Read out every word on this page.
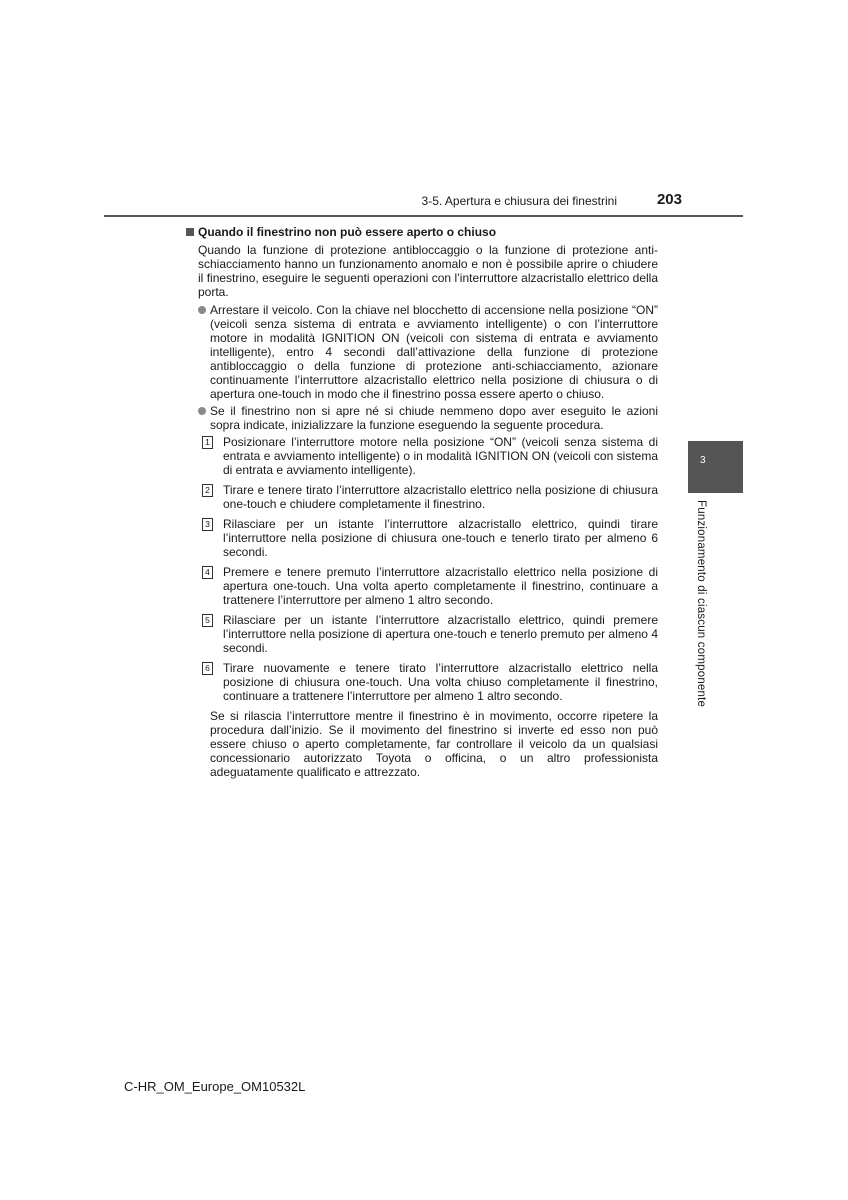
3-5. Apertura e chiusura dei finestrini	203
3
Funzionamento di ciascun componente
Quando il finestrino non può essere aperto o chiuso
Quando la funzione di protezione antibloccaggio o la funzione di protezione anti-schiacciamento hanno un funzionamento anomalo e non è possibile aprire o chiudere il finestrino, eseguire le seguenti operazioni con l’interruttore alzacristallo elettrico della porta.
Arrestare il veicolo. Con la chiave nel blocchetto di accensione nella posizione “ON” (veicoli senza sistema di entrata e avviamento intelligente) o con l’interruttore motore in modalità IGNITION ON (veicoli con sistema di entrata e avviamento intelligente), entro 4 secondi dall’attivazione della funzione di protezione antibloccaggio o della funzione di protezione anti-schiacciamento, azionare continuamente l’interruttore alzacristallo elettrico nella posizione di chiusura o di apertura one-touch in modo che il finestrino possa essere aperto o chiuso.
Se il finestrino non si apre né si chiude nemmeno dopo aver eseguito le azioni sopra indicate, inizializzare la funzione eseguendo la seguente procedura.
1 Posizionare l’interruttore motore nella posizione “ON” (veicoli senza sistema di entrata e avviamento intelligente) o in modalità IGNITION ON (veicoli con sistema di entrata e avviamento intelligente).
2 Tirare e tenere tirato l’interruttore alzacristallo elettrico nella posizione di chiusura one-touch e chiudere completamente il finestrino.
3 Rilasciare per un istante l’interruttore alzacristallo elettrico, quindi tirare l’interruttore nella posizione di chiusura one-touch e tenerlo tirato per almeno 6 secondi.
4 Premere e tenere premuto l’interruttore alzacristallo elettrico nella posizione di apertura one-touch. Una volta aperto completamente il finestrino, continuare a trattenere l’interruttore per almeno 1 altro secondo.
5 Rilasciare per un istante l’interruttore alzacristallo elettrico, quindi premere l’interruttore nella posizione di apertura one-touch e tenerlo premuto per almeno 4 secondi.
6 Tirare nuovamente e tenere tirato l’interruttore alzacristallo elettrico nella posizione di chiusura one-touch. Una volta chiuso completamente il finestrino, continuare a trattenere l’interruttore per almeno 1 altro secondo.
Se si rilascia l’interruttore mentre il finestrino è in movimento, occorre ripetere la procedura dall’inizio. Se il movimento del finestrino si inverte ed esso non può essere chiuso o aperto completamente, far controllare il veicolo da un qualsiasi concessionario autorizzato Toyota o officina, o un altro professionista adeguatamente qualificato e attrezzato.
C-HR_OM_Europe_OM10532L
